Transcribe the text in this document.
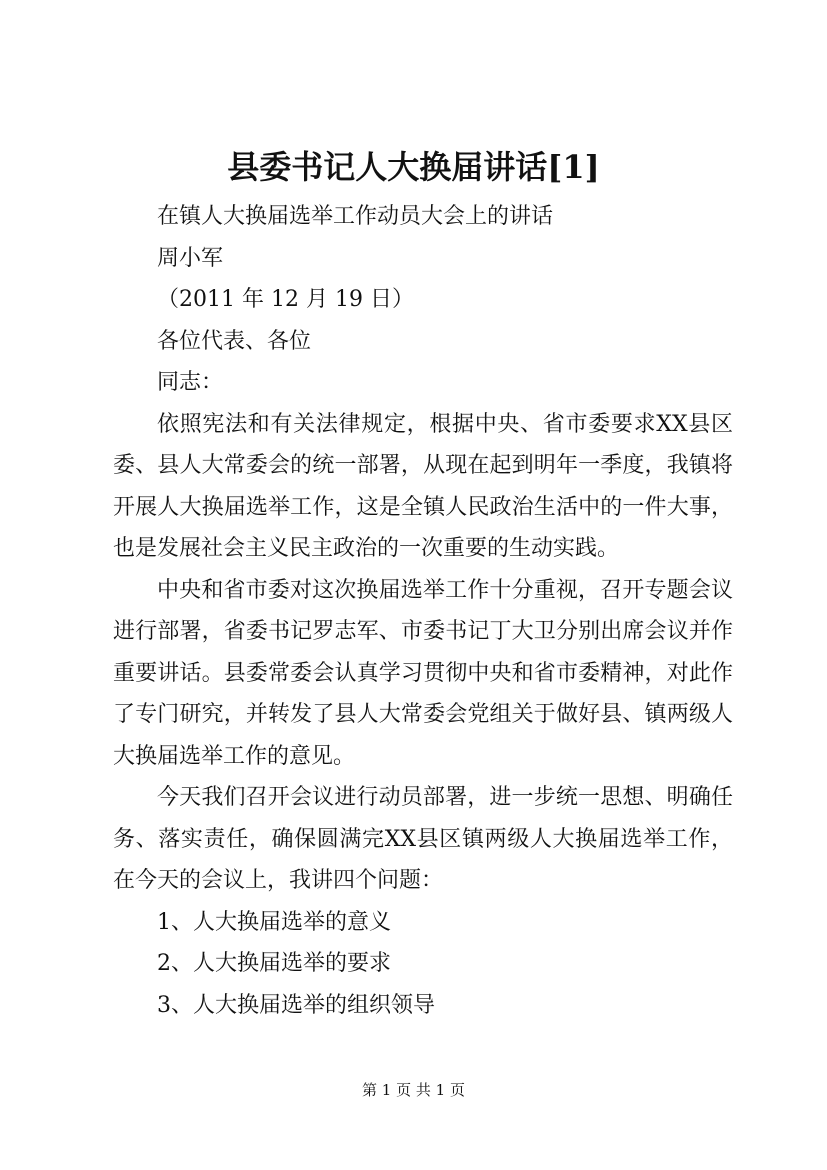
县委书记人大换届讲话[1]

在镇人大换届选举工作动员大会上的讲话

周小军

（2011 年 12 月 19 日）

各位代表、各位

同志：

依照宪法和有关法律规定，根据中央、省市委要求XX县区委、县人大常委会的统一部署，从现在起到明年一季度，我镇将开展人大换届选举工作，这是全镇人民政治生活中的一件大事，也是发展社会主义民主政治的一次重要的生动实践。

中央和省市委对这次换届选举工作十分重视，召开专题会议进行部署，省委书记罗志军、市委书记丁大卫分别出席会议并作重要讲话。县委常委会认真学习贯彻中央和省市委精神，对此作了专门研究，并转发了县人大常委会党组关于做好县、镇两级人大换届选举工作的意见。

今天我们召开会议进行动员部署，进一步统一思想、明确任务、落实责任，确保圆满完XX县区镇两级人大换届选举工作，在今天的会议上，我讲四个问题：

1、人大换届选举的意义

2、人大换届选举的要求

3、人大换届选举的组织领导

第 1 页 共 1 页
